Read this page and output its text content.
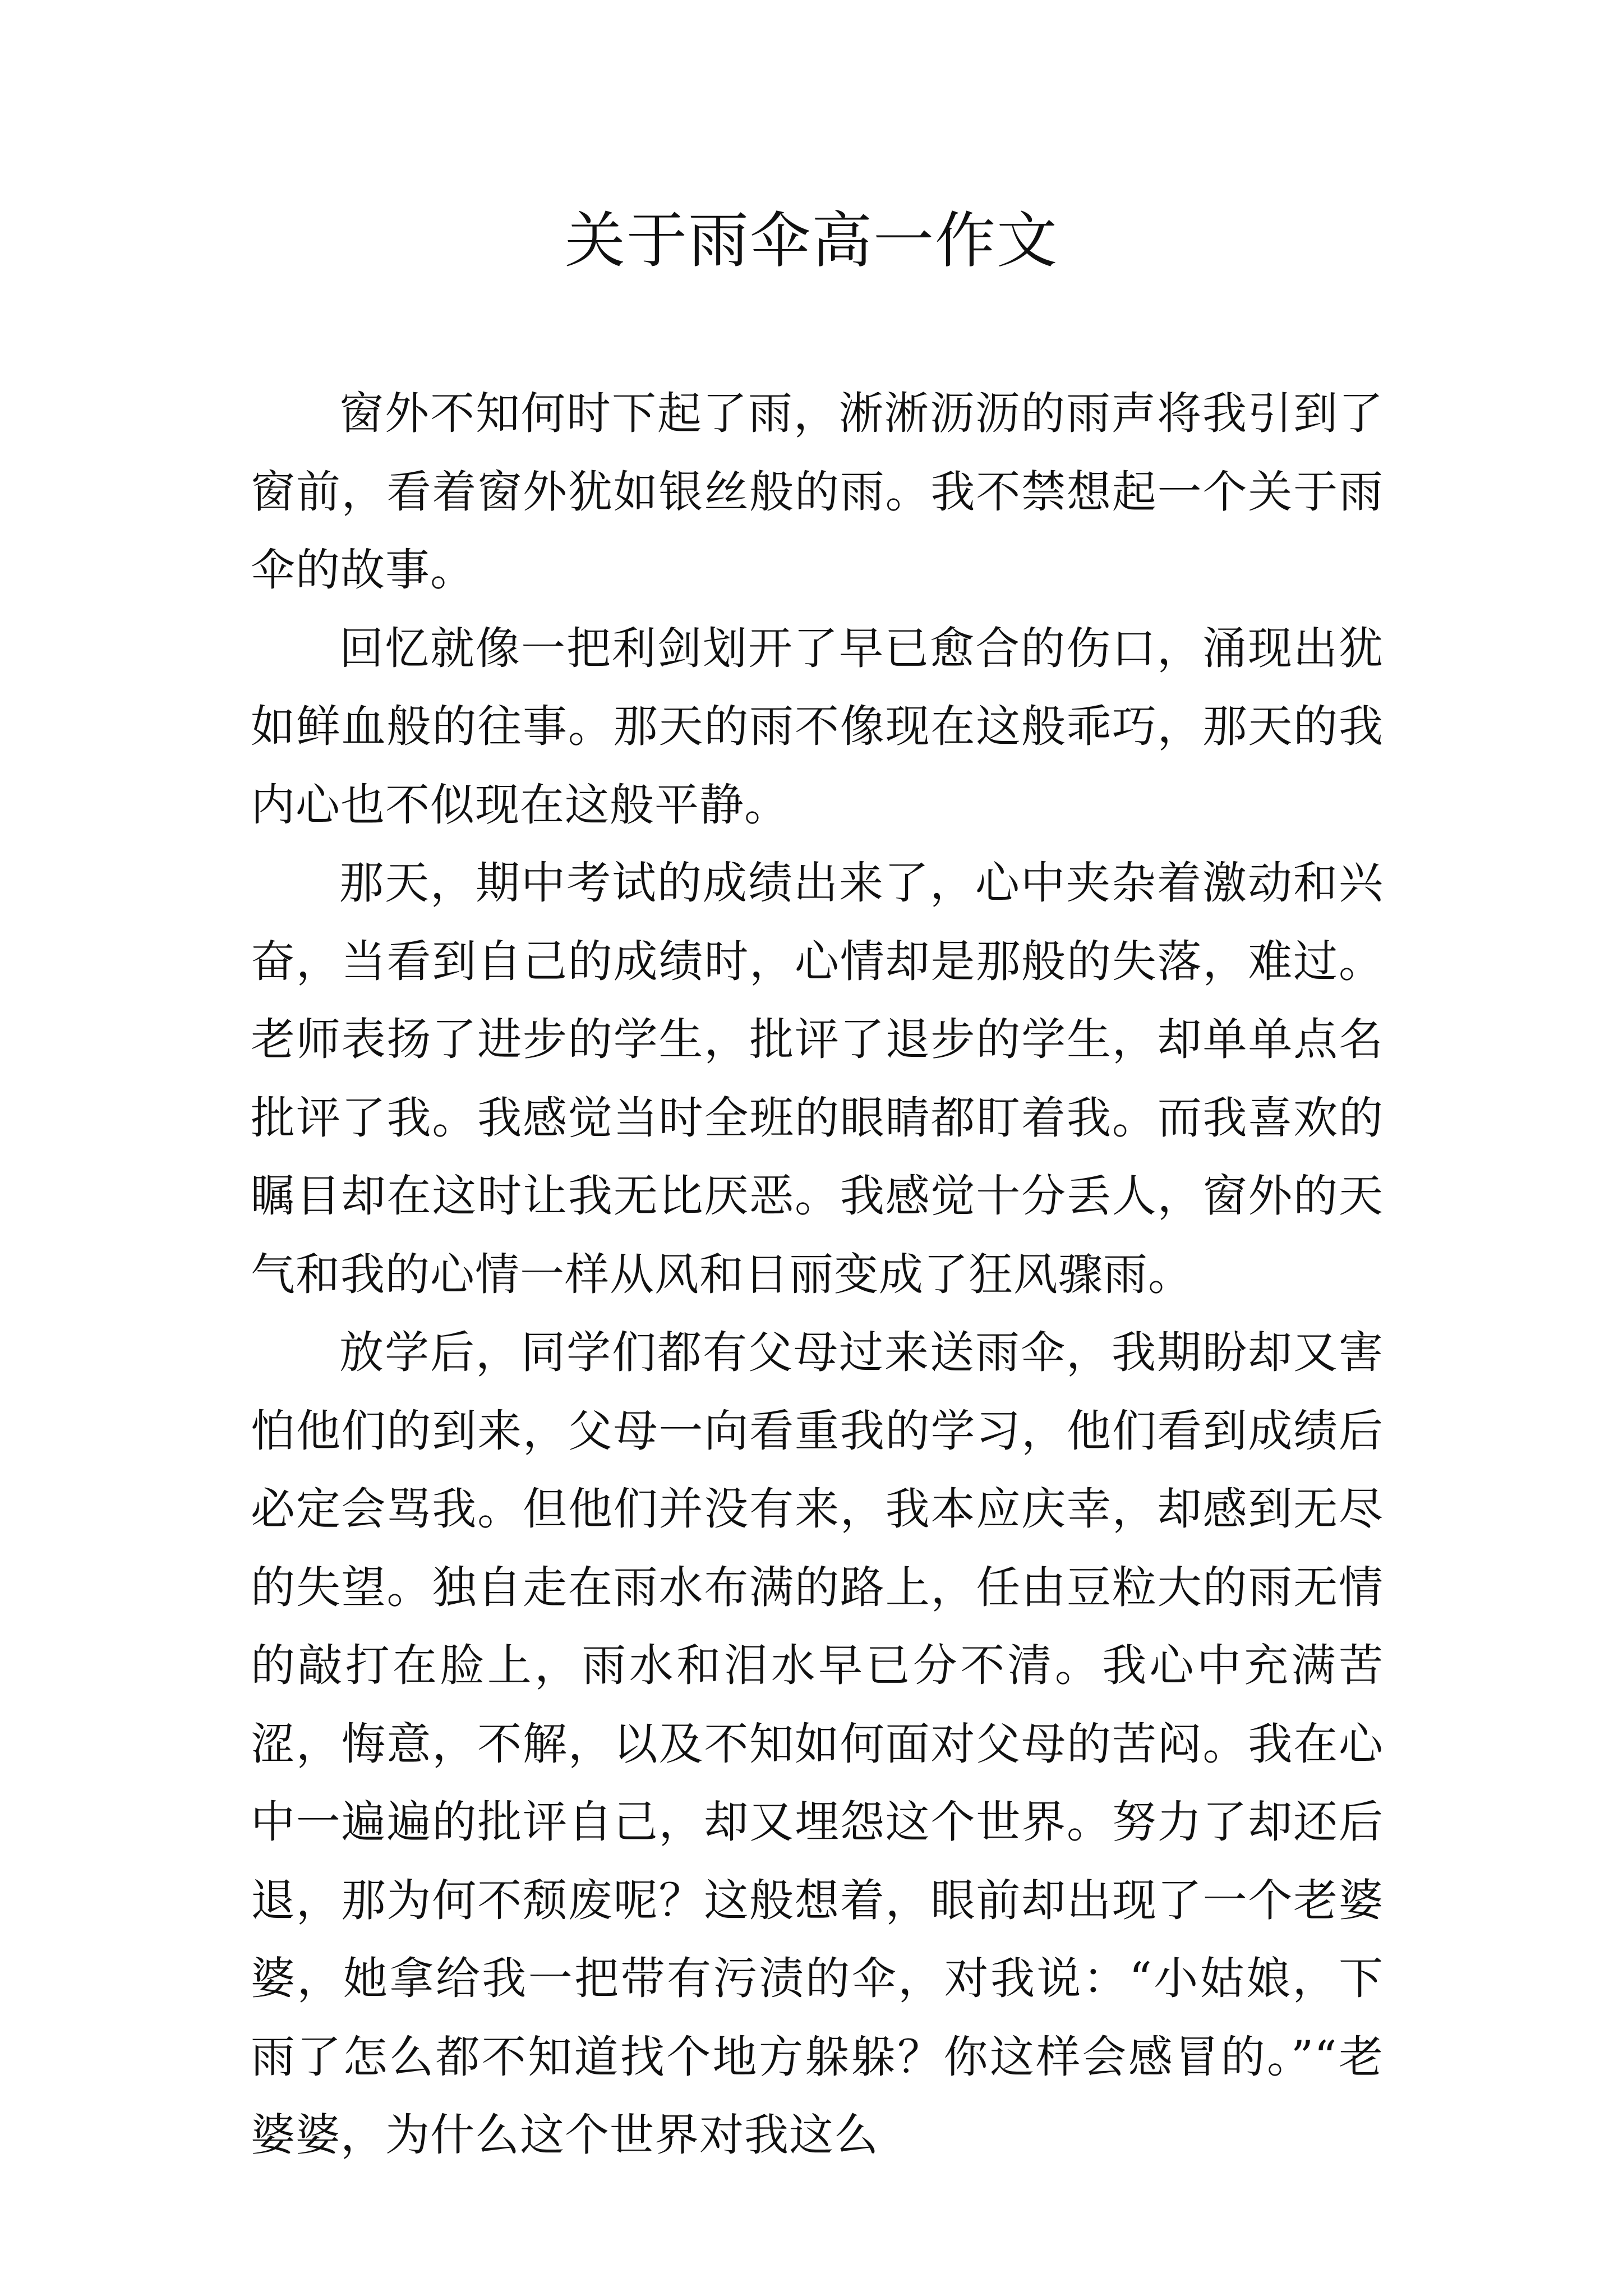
关于雨伞高一作文

窗外不知何时下起了雨，淅淅沥沥的雨声将我引到了窗前，看着窗外犹如银丝般的雨。我不禁想起一个关于雨伞的故事。

回忆就像一把利剑划开了早已愈合的伤口，涌现出犹如鲜血般的往事。那天的雨不像现在这般乖巧，那天的我内心也不似现在这般平静。

那天，期中考试的成绩出来了，心中夹杂着激动和兴奋，当看到自己的成绩时，心情却是那般的失落，难过。老师表扬了进步的学生，批评了退步的学生，却单单点名批评了我。我感觉当时全班的眼睛都盯着我。而我喜欢的瞩目却在这时让我无比厌恶。我感觉十分丢人，窗外的天气和我的心情一样从风和日丽变成了狂风骤雨。

放学后，同学们都有父母过来送雨伞，我期盼却又害怕他们的到来，父母一向看重我的学习，他们看到成绩后必定会骂我。但他们并没有来，我本应庆幸，却感到无尽的失望。独自走在雨水布满的路上，任由豆粒大的雨无情的敲打在脸上，雨水和泪水早已分不清。我心中充满苦涩，悔意，不解，以及不知如何面对父母的苦闷。我在心中一遍遍的批评自己，却又埋怨这个世界。努力了却还后退，那为何不颓废呢？这般想着，眼前却出现了一个老婆婆，她拿给我一把带有污渍的伞，对我说：“小姑娘，下雨了怎么都不知道找个地方躲躲？你这样会感冒的。”“老婆婆，为什么这个世界对我这么
